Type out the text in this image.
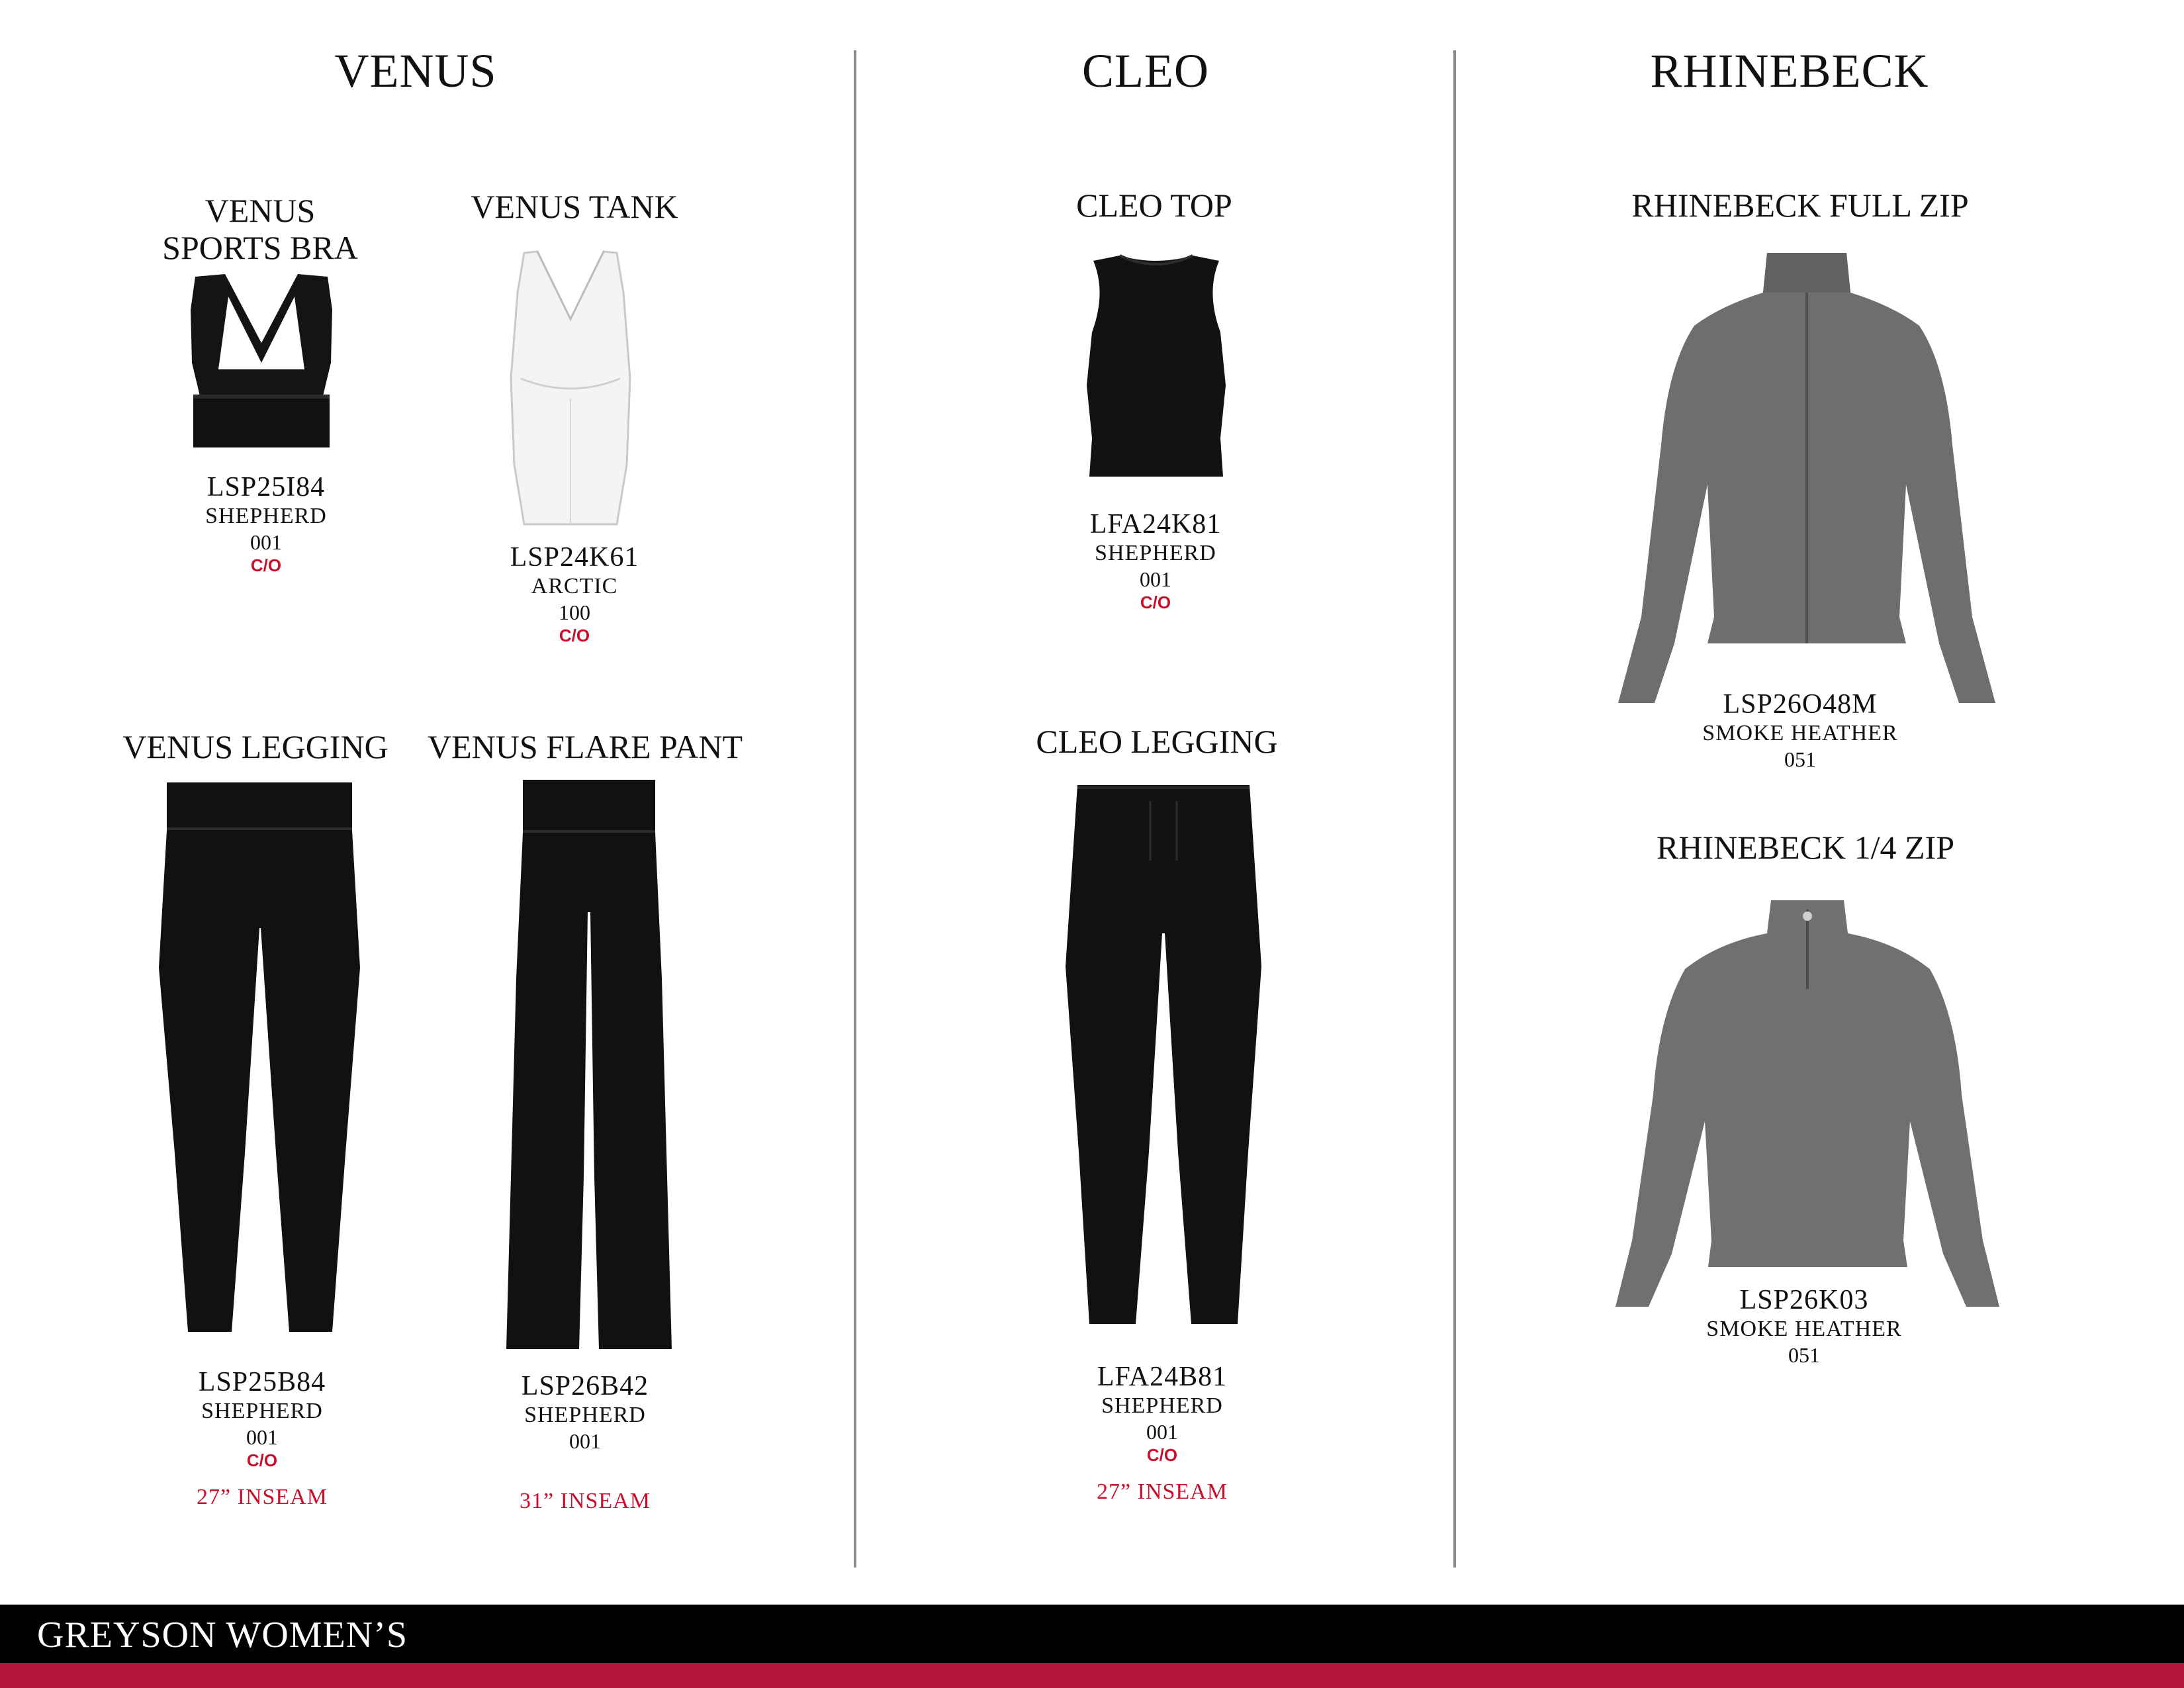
VENUS	CLEO	RHINEBECK
VENUS
SPORTS BRA
LSP25I84
SHEPHERD
001
C/O
VENUS TANK
LSP24K61
ARCTIC
100
C/O
VENUS LEGGING
LSP25B84
SHEPHERD
001
C/O
27” INSEAM
VENUS FLARE PANT
LSP26B42
SHEPHERD
001
31” INSEAM
CLEO TOP
LFA24K81
SHEPHERD
001
C/O
CLEO LEGGING
LFA24B81
SHEPHERD
001
C/O
27” INSEAM
RHINEBECK FULL ZIP
LSP26O48M
SMOKE HEATHER
051
RHINEBECK 1/4 ZIP
LSP26K03
SMOKE HEATHER
051
GREYSON WOMEN’S
